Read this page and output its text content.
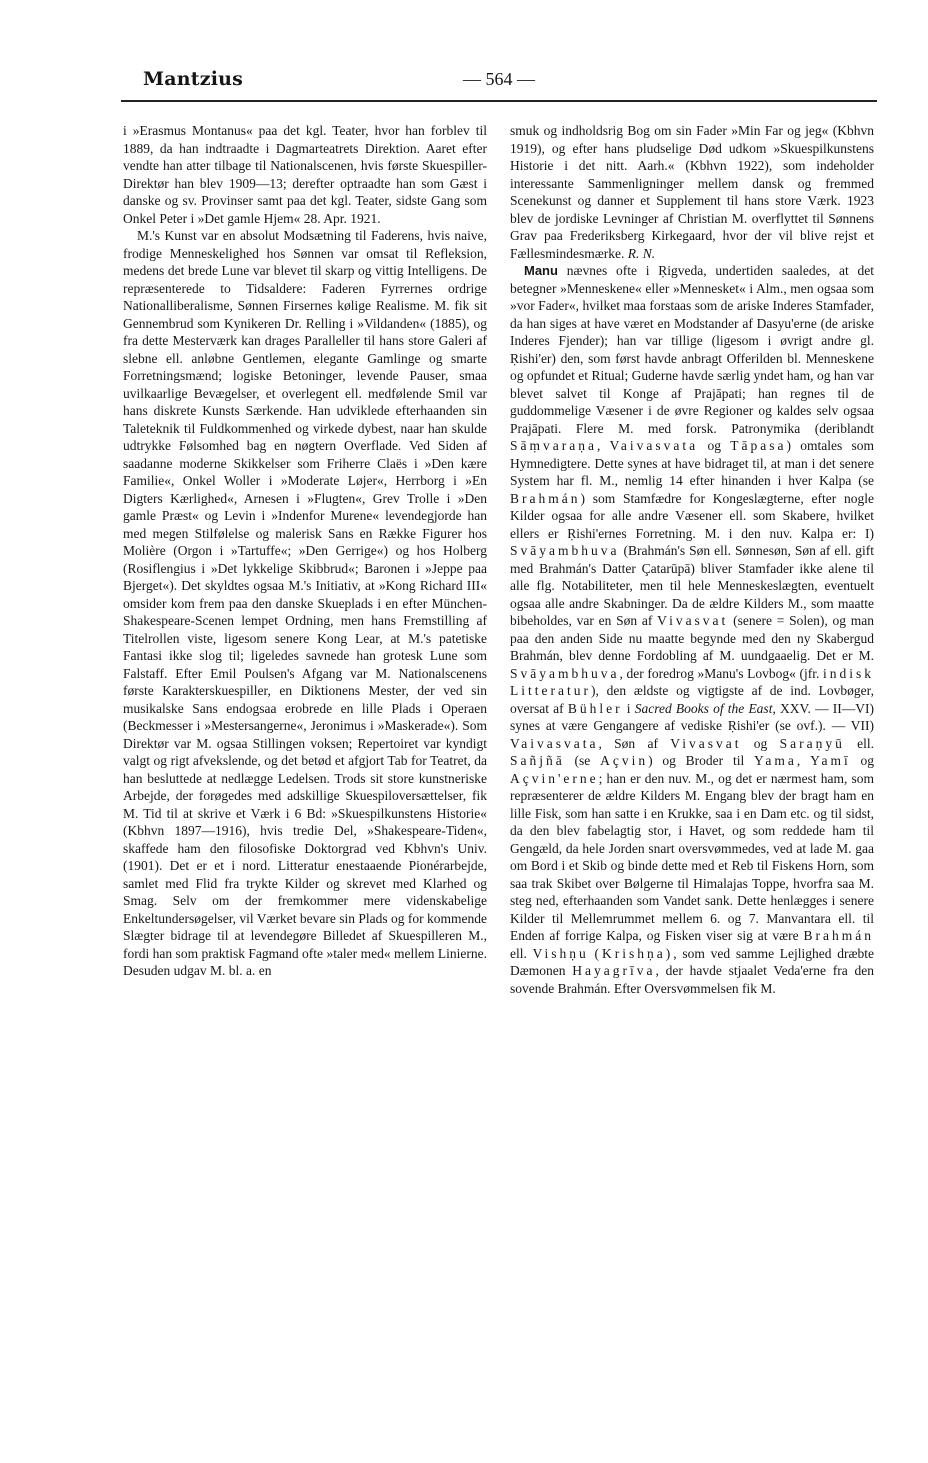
Mantzius	— 564 —

i »Erasmus Montanus« paa det kgl. Teater, hvor han forblev til 1889, da han indtraadte i Dagmarteatrets Direktion. Aaret efter vendte han atter tilbage til Nationalscenen, hvis første Skuespiller-Direktør han blev 1909—13; derefter optraadte han som Gæst i danske og sv. Provinser samt paa det kgl. Teater, sidste Gang som Onkel Peter i »Det gamle Hjem« 28. Apr. 1921.

M.'s Kunst var en absolut Modsætning til Faderens, hvis naive, frodige Menneskelighed hos Sønnen var omsat til Refleksion, medens det brede Lune var blevet til skarp og vittig Intelligens. De repræsenterede to Tidsaldere: Faderen Fyrrernes ordrige Nationalliberalisme, Sønnen Firsernes kølige Realisme. M. fik sit Gennembrud som Kynikeren Dr. Relling i »Vildanden« (1885), og fra dette Mesterværk kan drages Paralleller til hans store Galeri af slebne ell. anløbne Gentlemen, elegante Gamlinge og smarte Forretningsmænd; logiske Betoninger, levende Pauser, smaa uvilkaarlige Bevægelser, et overlegent ell. medfølende Smil var hans diskrete Kunsts Særkende. Han udviklede efterhaanden sin Taleteknik til Fuldkommenhed og virkede dybest, naar han skulde udtrykke Følsomhed bag en nøgtern Overflade. Ved Siden af saadanne moderne Skikkelser som Friherre Claës i »Den kære Familie«, Onkel Woller i »Moderate Løjer«, Herrborg i »En Digters Kærlighed«, Arnesen i »Flugten«, Grev Trolle i »Den gamle Præst« og Levin i »Indenfor Murene« levendegjorde han med megen Stilfølelse og malerisk Sans en Række Figurer hos Molière (Orgon i »Tartuffe«; »Den Gerrige«) og hos Holberg (Rosiflengius i »Det lykkelige Skibbrud«; Baronen i »Jeppe paa Bjerget«). Det skyldtes ogsaa M.'s Initiativ, at »Kong Richard III« omsider kom frem paa den danske Skueplads i en efter München-Shakespeare-Scenen lempet Ordning, men hans Fremstilling af Titelrollen viste, ligesom senere Kong Lear, at M.'s patetiske Fantasi ikke slog til; ligeledes savnede han grotesk Lune som Falstaff. Efter Emil Poulsen's Afgang var M. Nationalscenens første Karakterskuespiller, en Diktionens Mester, der ved sin musikalske Sans endogsaa erobrede en lille Plads i Operaen (Beckmesser i »Mestersangerne«, Jeronimus i »Maskerade«). Som Direktør var M. ogsaa Stillingen voksen; Repertoiret var kyndigt valgt og rigt afvekslende, og det betød et afgjort Tab for Teatret, da han besluttede at nedlægge Ledelsen. Trods sit store kunstneriske Arbejde, der forøgedes med adskillige Skuespiloversættelser, fik M. Tid til at skrive et Værk i 6 Bd: »Skuespilkunstens Historie« (Kbhvn 1897—1916), hvis tredie Del, »Shakespeare-Tiden«, skaffede ham den filosofiske Doktorgrad ved Kbhvn's Univ. (1901). Det er et i nord. Litteratur enestaaende Pionérarbejde, samlet med Flid fra trykte Kilder og skrevet med Klarhed og Smag. Selv om der fremkommer mere videnskabelige Enkeltundersøgelser, vil Værket bevare sin Plads og for kommende Slægter bidrage til at levendegøre Billedet af Skuespilleren M., fordi han som praktisk Fagmand ofte »taler med« mellem Linierne. Desuden udgav M. bl. a. en

smuk og indholdsrig Bog om sin Fader »Min Far og jeg« (Kbhvn 1919), og efter hans pludselige Død udkom »Skuespilkunstens Historie i det nitt. Aarh.« (Kbhvn 1922), som indeholder interessante Sammenligninger mellem dansk og fremmed Scenekunst og danner et Supplement til hans store Værk. 1923 blev de jordiske Levninger af Christian M. overflyttet til Sønnens Grav paa Frederiksberg Kirkegaard, hvor der vil blive rejst et Fællesmindesmærke. R. N.

Manu nævnes ofte i Ṛigveda, undertiden saaledes, at det betegner »Menneskene« eller »Mennesket« i Alm., men ogsaa som »vor Fader«, hvilket maa forstaas som de ariske Inderes Stamfader, da han siges at have været en Modstander af Dasyu'erne (de ariske Inderes Fjender); han var tillige (ligesom i øvrigt andre gl. Ṛishi'er) den, som først havde anbragt Offerilden bl. Menneskene og opfundet et Ritual; Guderne havde særlig yndet ham, og han var blevet salvet til Konge af Prajāpati; han regnes til de guddommelige Væsener i de øvre Regioner og kaldes selv ogsaa Prajāpati. Flere M. med forsk. Patronymika (deriblandt Sāṃvaraṇa, Vaivasvata og Tāpasa) omtales som Hymnedigtere. Dette synes at have bidraget til, at man i det senere System har fl. M., nemlig 14 efter hinanden i hver Kalpa (se Brahmán) som Stamfædre for Kongeslægterne, efter nogle Kilder ogsaa for alle andre Væsener ell. som Skabere, hvilket ellers er Ṛishi'ernes Forretning. M. i den nuv. Kalpa er: I) Svāyambhuva (Brahmán's Søn ell. Sønnesøn, Søn af ell. gift med Brahmán's Datter Çatarūpā) bliver Stamfader ikke alene til alle flg. Notabiliteter, men til hele Menneskeslægten, eventuelt ogsaa alle andre Skabninger. Da de ældre Kilders M., som maatte bibeholdes, var en Søn af Vivasvat (senere = Solen), og man paa den anden Side nu maatte begynde med den ny Skabergud Brahmán, blev denne Fordobling af M. uundgaaelig. Det er M. Svāyambhuva, der foredrog »Manu's Lovbog« (jfr. indisk Litteratur), den ældste og vigtigste af de ind. Lovbøger, oversat af Bühler i Sacred Books of the East, XXV. — II—VI) synes at være Gengangere af vediske Ṛishi'er (se ovf.). — VII) Vaivasvata, Søn af Vivasvat og Saraṇyū ell. Sañjñā (se Açvin) og Broder til Yama, Yamī og Açvin'erne; han er den nuv. M., og det er nærmest ham, som repræsenterer de ældre Kilders M. Engang blev der bragt ham en lille Fisk, som han satte i en Krukke, saa i en Dam etc. og til sidst, da den blev fabelagtig stor, i Havet, og som reddede ham til Gengæld, da hele Jorden snart oversvømmedes, ved at lade M. gaa om Bord i et Skib og binde dette med et Reb til Fiskens Horn, som saa trak Skibet over Bølgerne til Himalajas Toppe, hvorfra saa M. steg ned, efterhaanden som Vandet sank. Dette henlægges i senere Kilder til Mellemrummet mellem 6. og 7. Manvantara ell. til Enden af forrige Kalpa, og Fisken viser sig at være Brahmán ell. Vishṇu (Krishṇa), som ved samme Lejlighed dræbte Dæmonen Hayagrīva, der havde stjaalet Veda'erne fra den sovende Brahmán. Efter Oversvømmelsen fik M.
